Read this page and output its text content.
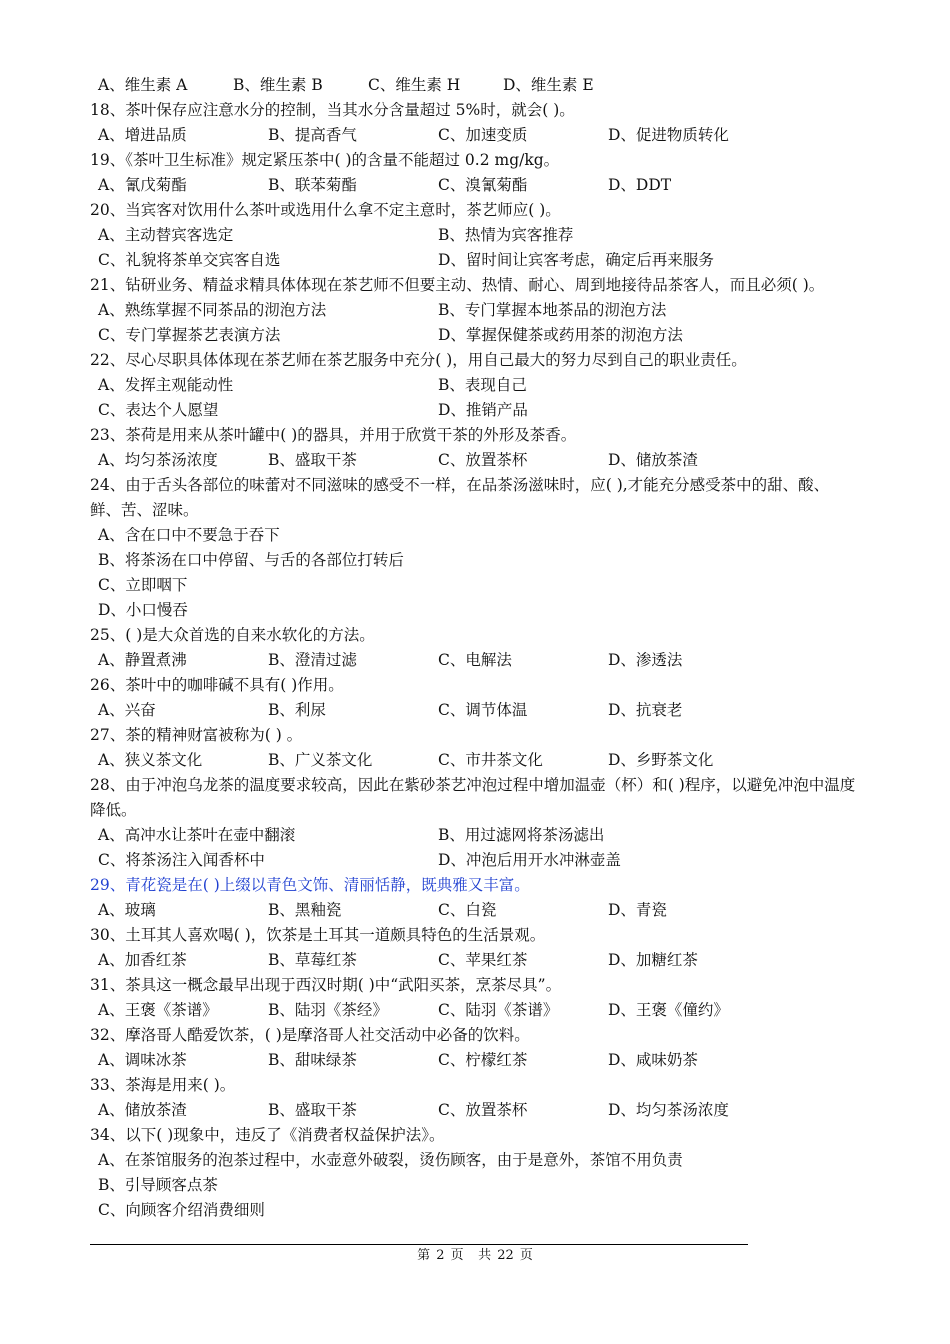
A、维生素 A	B、维生素 B	C、维生素 H	D、维生素 E
18、茶叶保存应注意水分的控制，当其水分含量超过 5%时，就会( )。
A、增进品质	B、提高香气	C、加速变质	D、促进物质转化
19、《茶叶卫生标准》规定紧压茶中( )的含量不能超过 0.2 mg/kg。
A、氰戊菊酯	B、联苯菊酯	C、溴氰菊酯	D、DDT
20、当宾客对饮用什么茶叶或选用什么拿不定主意时，茶艺师应( )。
A、主动替宾客选定	B、热情为宾客推荐
C、礼貌将茶单交宾客自选	D、留时间让宾客考虑，确定后再来服务
21、钻研业务、精益求精具体体现在茶艺师不但要主动、热情、耐心、周到地接待品茶客人，而且必须( )。
A、熟练掌握不同茶品的沏泡方法	B、专门掌握本地茶品的沏泡方法
C、专门掌握茶艺表演方法	D、掌握保健茶或药用茶的沏泡方法
22、尽心尽职具体体现在茶艺师在茶艺服务中充分( )，用自己最大的努力尽到自己的职业责任。
A、发挥主观能动性	B、表现自己
C、表达个人愿望	D、推销产品
23、茶荷是用来从茶叶罐中( )的器具，并用于欣赏干茶的外形及茶香。
A、均匀茶汤浓度	B、盛取干茶	C、放置茶杯	D、储放茶渣
24、由于舌头各部位的味蕾对不同滋味的感受不一样，在品茶汤滋味时，应( ),才能充分感受茶中的甜、酸、鲜、苦、涩味。
A、含在口中不要急于吞下
B、将茶汤在口中停留、与舌的各部位打转后
C、立即咽下
D、小口慢吞
25、( )是大众首选的自来水软化的方法。
A、静置煮沸	B、澄清过滤	C、电解法	D、渗透法
26、茶叶中的咖啡碱不具有( )作用。
A、兴奋	B、利尿	C、调节体温	D、抗衰老
27、茶的精神财富被称为( ) 。
A、狭义茶文化	B、广义茶文化	C、市井茶文化	D、乡野茶文化
28、由于冲泡乌龙茶的温度要求较高，因此在紫砂茶艺冲泡过程中增加温壶（杯）和( )程序，以避免冲泡中温度降低。
A、高冲水让茶叶在壶中翻滚	B、用过滤网将茶汤滤出
C、将茶汤注入闻香杯中	D、冲泡后用开水冲淋壶盖
29、青花瓷是在( )上缀以青色文饰、清丽恬静，既典雅又丰富。
A、玻璃	B、黑釉瓷	C、白瓷	D、青瓷
30、土耳其人喜欢喝( )，饮茶是土耳其一道颇具特色的生活景观。
A、加香红茶	B、草莓红茶	C、苹果红茶	D、加糖红茶
31、茶具这一概念最早出现于西汉时期( )中“武阳买茶，烹茶尽具”。
A、王褒《茶谱》	B、陆羽《茶经》	C、陆羽《茶谱》	D、王褒《僮约》
32、摩洛哥人酷爱饮茶，( )是摩洛哥人社交活动中必备的饮料。
A、调味冰茶	B、甜味绿茶	C、柠檬红茶	D、咸味奶茶
33、茶海是用来( )。
A、储放茶渣	B、盛取干茶	C、放置茶杯	D、均匀茶汤浓度
34、以下( )现象中，违反了《消费者权益保护法》。
A、在茶馆服务的泡茶过程中，水壶意外破裂，烫伤顾客，由于是意外，茶馆不用负责
B、引导顾客点茶
C、向顾客介绍消费细则
第 2 页 共 22 页
